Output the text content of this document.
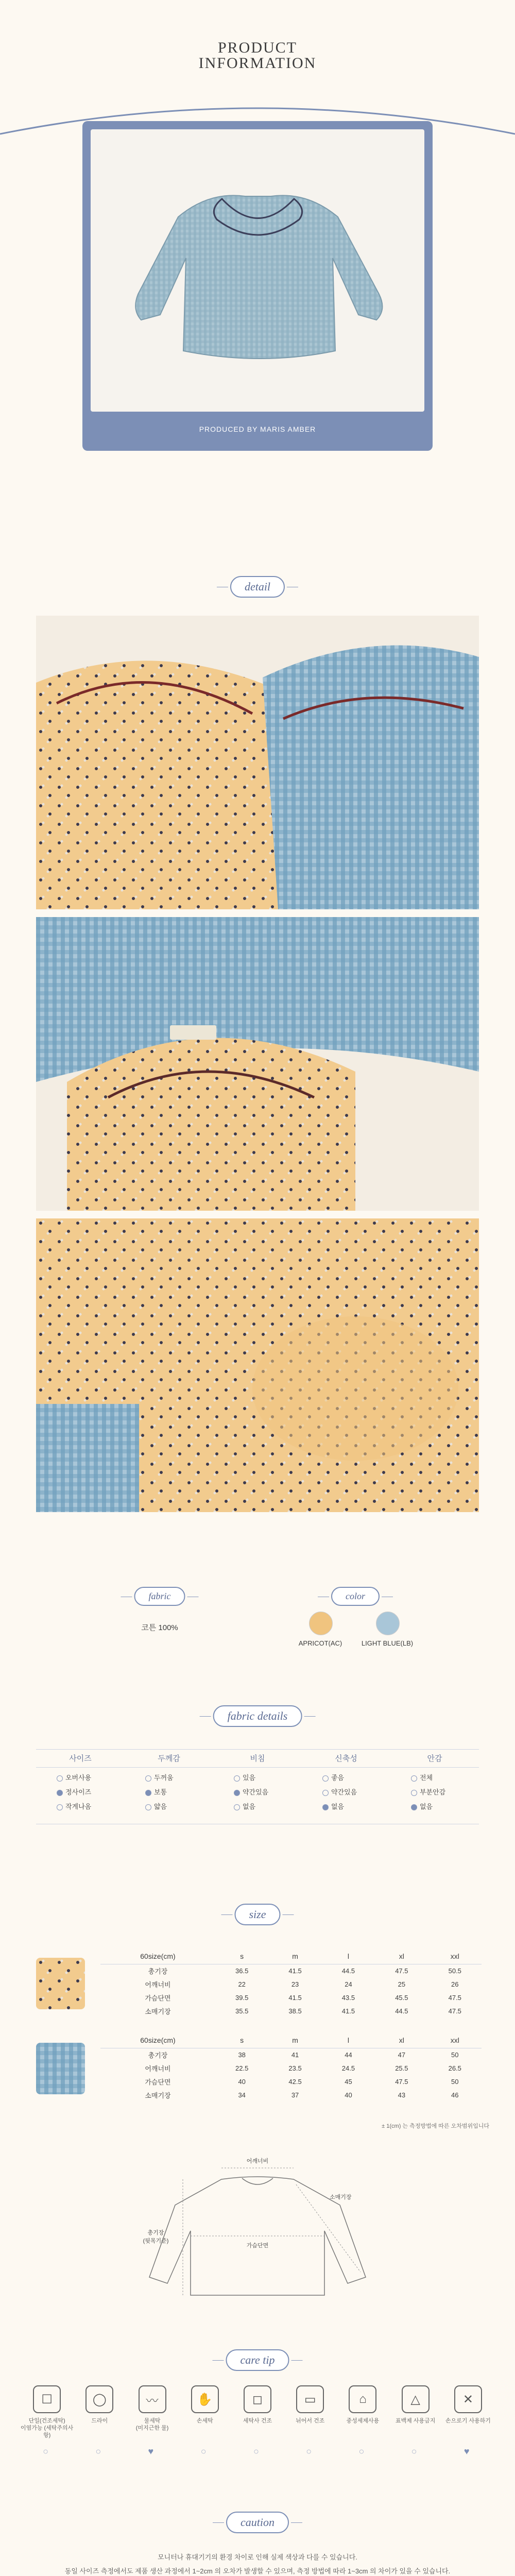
PRODUCT
INFORMATION
PRODUCED BY MARIS AMBER
detail
fabric
코튼 100%
color
APRICOT(AC)	LIGHT BLUE(LB)
fabric details
사이즈	두께감	비침	신축성	안감
오버사용	두꺼움	있음	좋음	전체
정사이즈	보통	약간있음	약간있음	부분안감
작게나옴	얇음	없음	없음	없음
size
60size(cm)	s	m	l	xl	xxl
총기장	36.5	41.5	44.5	47.5	50.5
어깨너비	22	23	24	25	26
가슴단면	39.5	41.5	43.5	45.5	47.5
소매기장	35.5	38.5	41.5	44.5	47.5
60size(cm)	s	m	l	xl	xxl
총기장	38	41	44	47	50
어깨너비	22.5	23.5	24.5	25.5	26.5
가슴단면	40	42.5	45	47.5	50
소매기장	34	37	40	43	46
± 1(cm) 는 측정방법에 따른 오차범위입니다
어깨너비
소매기장
가슴단면
총기장
(뒷목기준)
care tip
☐
단일(건조세탁)
이염가능 (세탁주의사항)
○
◯
드라이
○
〰
물세탁
(미지근한 물)
♥
✋
손세탁
○
◻
세탁사 건조
○
▭
뉘어서 건조
○
⌂
중성세제사용
○
△
표백제 사용금지
○
✕
손으로기 사용하기
♥
caution
모니터나 휴대기기의 환경 차이로 인해 실제 색상과 다를 수 있습니다.
동일 사이즈 측정에서도 제품 생산 과정에서 1~2cm 의 오차가 발생할 수 있으며, 측정 방법에 따라 1~3cm 의 차이가 있을 수 있습니다.
